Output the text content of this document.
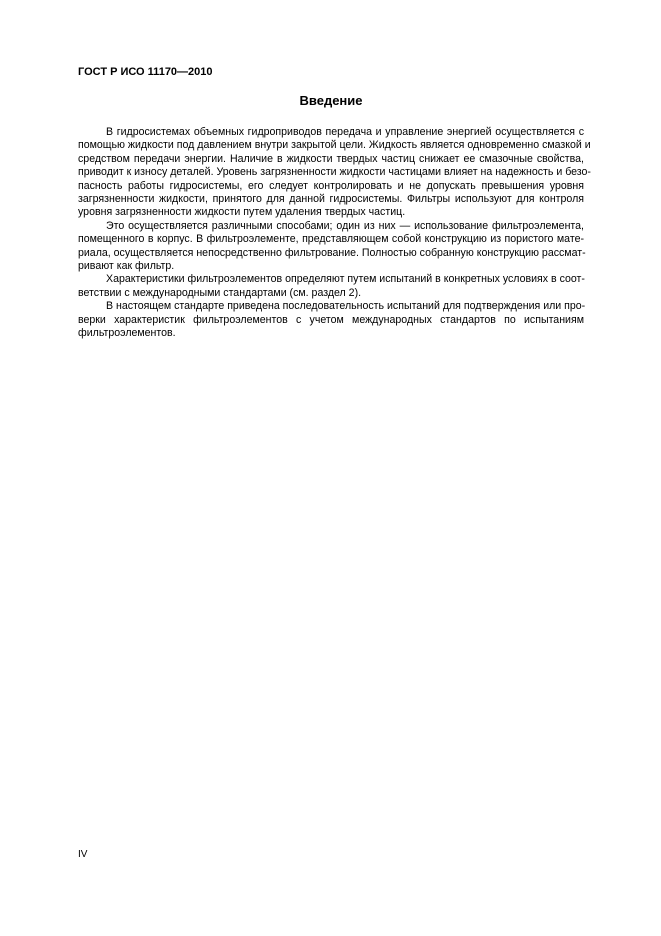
ГОСТ Р ИСО 11170—2010
Введение
В гидросистемах объемных гидроприводов передача и управление энергией осуществляется с
помощью жидкости под давлением внутри закрытой цели. Жидкость является одновременно смазкой и
средством передачи энергии. Наличие в жидкости твердых частиц снижает ее смазочные свойства,
приводит к износу деталей. Уровень загрязненности жидкости частицами влияет на надежность и безо-
пасность работы гидросистемы, его следует контролировать и не допускать превышения уровня
загрязненности жидкости, принятого для данной гидросистемы. Фильтры используют для контроля
уровня загрязненности жидкости путем удаления твердых частиц.
Это осуществляется различными способами; один из них — использование фильтроэлемента,
помещенного в корпус. В фильтроэлементе, представляющем собой конструкцию из пористого мате-
риала, осуществляется непосредственно фильтрование. Полностью собранную конструкцию рассмат-
ривают как фильтр.
Характеристики фильтроэлементов определяют путем испытаний в конкретных условиях в соот-
ветствии с международными стандартами (см. раздел 2).
В настоящем стандарте приведена последовательность испытаний для подтверждения или про-
верки характеристик фильтроэлементов с учетом международных стандартов по испытаниям
фильтроэлементов.
IV
